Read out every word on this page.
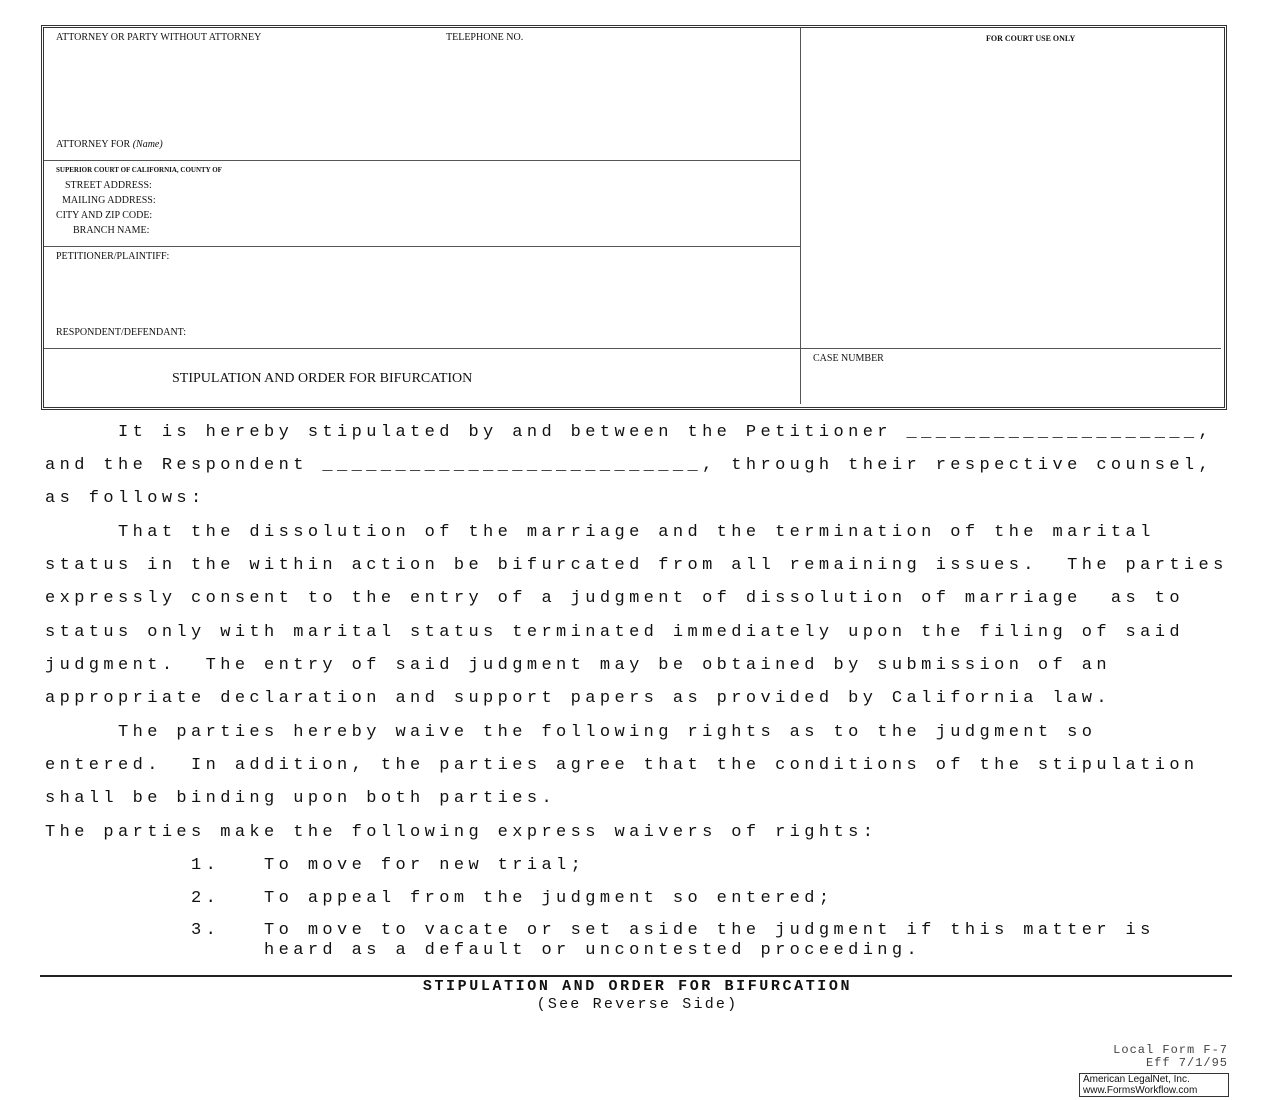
ATTORNEY OR PARTY WITHOUT ATTORNEY	TELEPHONE NO.	FOR COURT USE ONLY
ATTORNEY FOR (Name)
SUPERIOR COURT OF CALIFORNIA, COUNTY OF
STREET ADDRESS:
MAILING ADDRESS:
CITY AND ZIP CODE:
BRANCH NAME:
PETITIONER/PLAINTIFF:
RESPONDENT/DEFENDANT:
CASE NUMBER
STIPULATION AND ORDER FOR BIFURCATION
It is hereby stipulated by and between the Petitioner ____________________,
and the Respondent __________________________, through their respective counsel,
as follows:
That the dissolution of the marriage and the termination of the marital
status in the within action be bifurcated from all remaining issues.  The parties
expressly consent to the entry of a judgment of dissolution of marriage  as to
status only with marital status terminated immediately upon the filing of said
judgment.  The entry of said judgment may be obtained by submission of an
appropriate declaration and support papers as provided by California law.
The parties hereby waive the following rights as to the judgment so
entered.  In addition, the parties agree that the conditions of the stipulation
shall be binding upon both parties.
The parties make the following express waivers of rights:
1.   To move for new trial;
2.   To appeal from the judgment so entered;
3.   To move to vacate or set aside the judgment if this matter is
heard as a default or uncontested proceeding.
STIPULATION AND ORDER FOR BIFURCATION
(See Reverse Side)
Local Form F-7
Eff 7/1/95
American LegalNet, Inc.
www.FormsWorkflow.com
